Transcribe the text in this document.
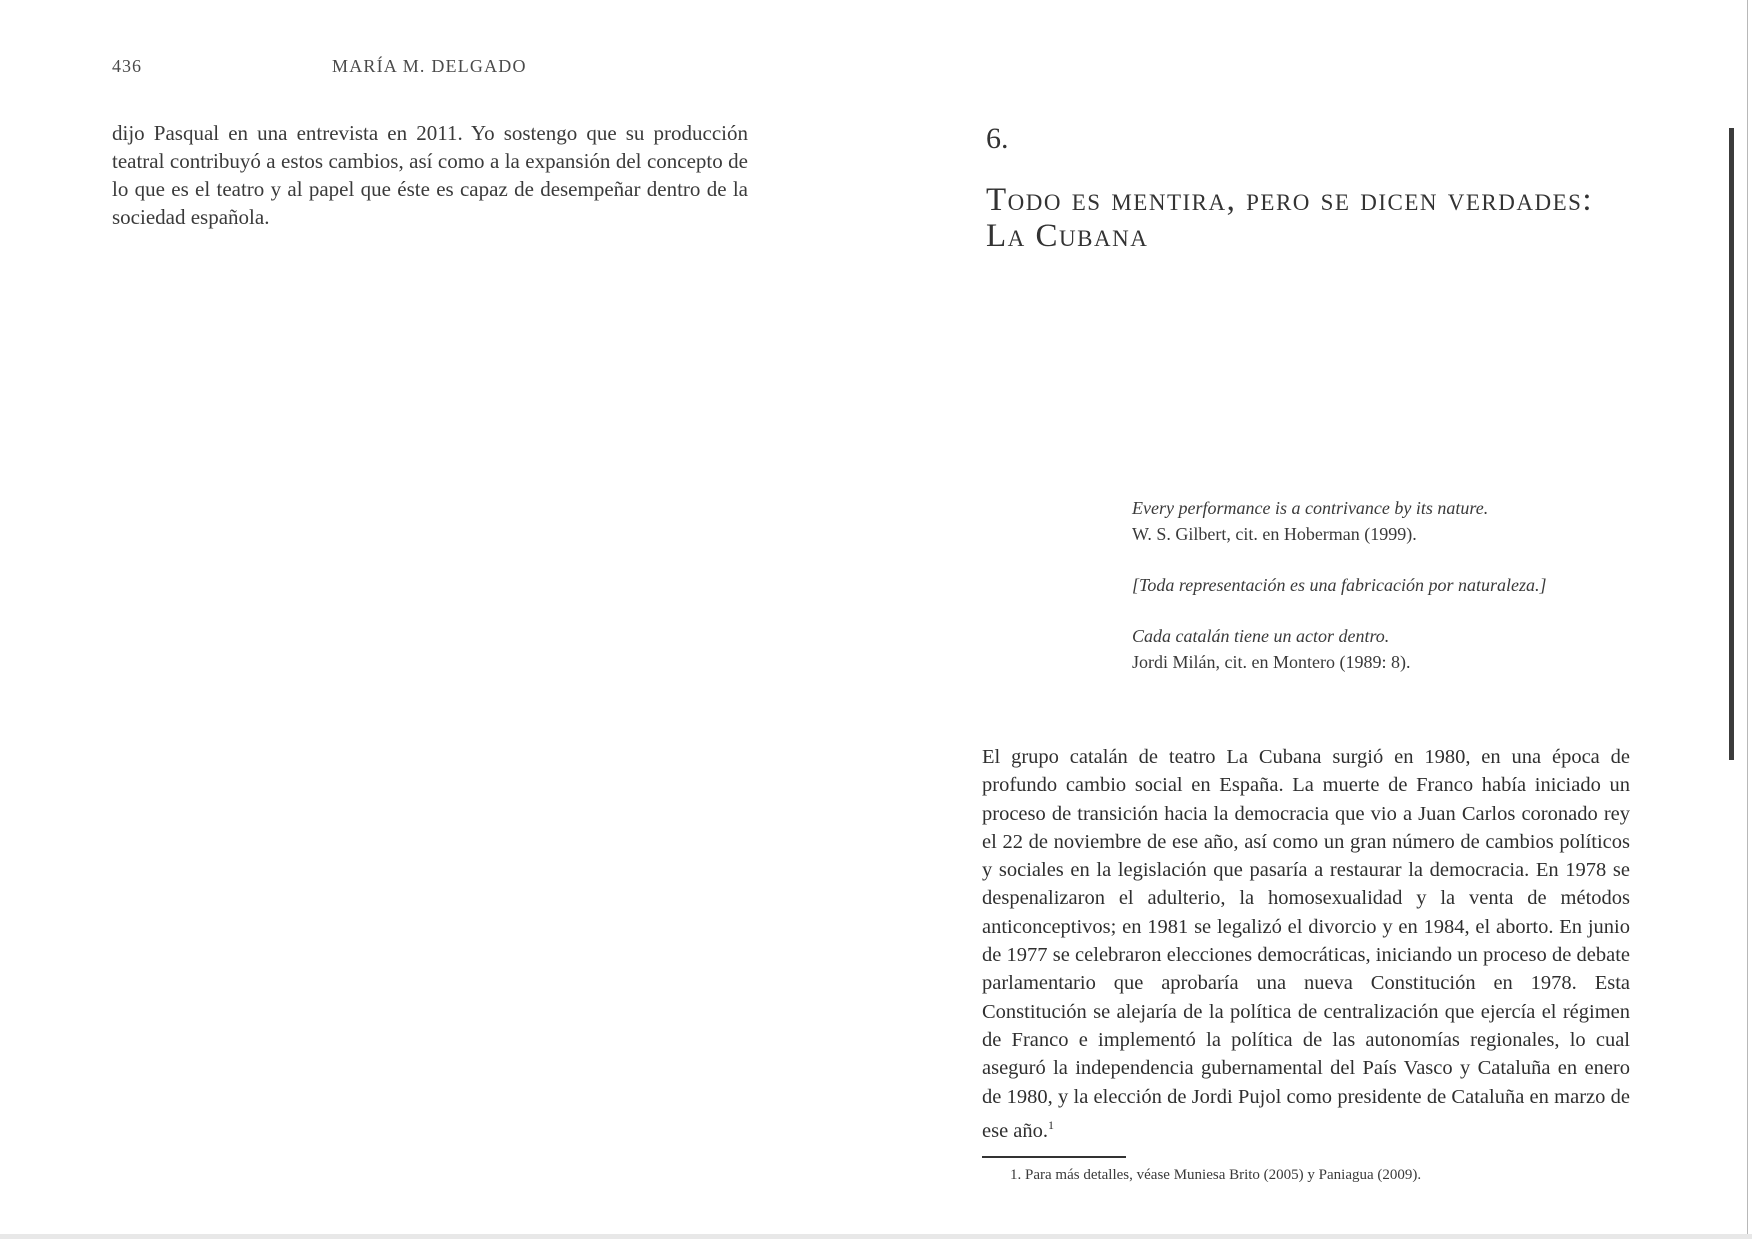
436	MARÍA M. DELGADO

dijo Pasqual en una entrevista en 2011. Yo sostengo que su producción teatral contribuyó a estos cambios, así como a la expansión del concepto de lo que es el teatro y al papel que éste es capaz de desempeñar dentro de la sociedad española.

6.
Todo es mentira, pero se dicen verdades:
La Cubana
Every performance is a contrivance by its nature.
W. S. Gilbert, cit. en Hoberman (1999).
[Toda representación es una fabricación por naturaleza.]
Cada catalán tiene un actor dentro.
Jordi Milán, cit. en Montero (1989: 8).

El grupo catalán de teatro La Cubana surgió en 1980, en una época de profundo cambio social en España. La muerte de Franco había iniciado un proceso de transición hacia la democracia que vio a Juan Carlos coronado rey el 22 de noviembre de ese año, así como un gran número de cambios políticos y sociales en la legislación que pasaría a restaurar la democracia. En 1978 se despenalizaron el adulterio, la homosexualidad y la venta de métodos anticonceptivos; en 1981 se legalizó el divorcio y en 1984, el aborto. En junio de 1977 se celebraron elecciones democráticas, iniciando un proceso de debate parlamentario que aprobaría una nueva Constitución en 1978. Esta Constitución se alejaría de la política de centralización que ejercía el régimen de Franco e implementó la política de las autonomías regionales, lo cual aseguró la independencia gubernamental del País Vasco y Cataluña en enero de 1980, y la elección de Jordi Pujol como presidente de Cataluña en marzo de ese año.$^1$

1. Para más detalles, véase Muniesa Brito (2005) y Paniagua (2009).
